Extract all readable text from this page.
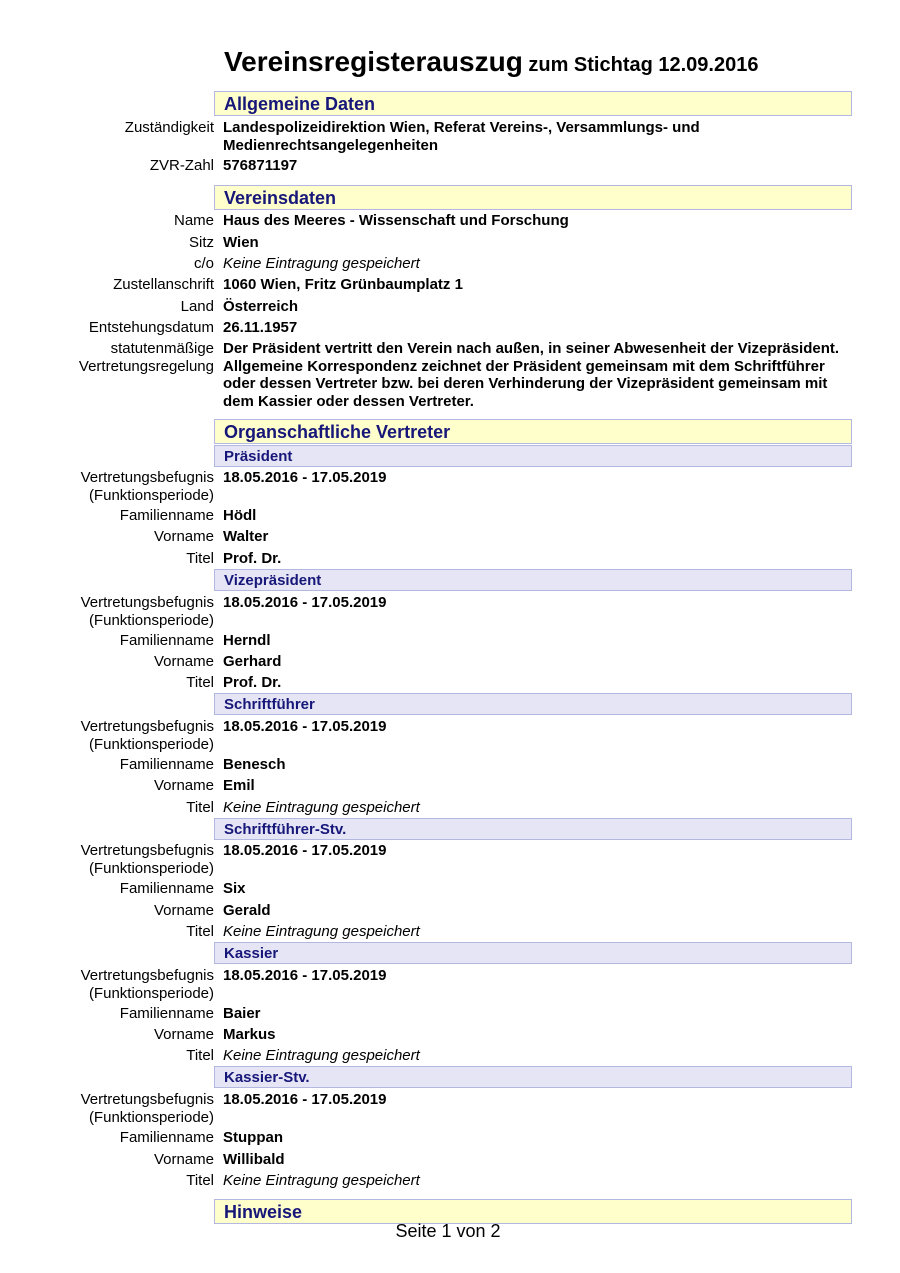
Vereinsregisterauszug zum Stichtag 12.09.2016
Allgemeine Daten
Zuständigkeit Landespolizeidirektion Wien, Referat Vereins-, Versammlungs- und Medienrechtsangelegenheiten
ZVR-Zahl 576871197
Vereinsdaten
Name Haus des Meeres - Wissenschaft und Forschung
Sitz Wien
c/o Keine Eintragung gespeichert
Zustellanschrift 1060 Wien, Fritz Grünbaumplatz 1
Land Österreich
Entstehungsdatum 26.11.1957
statutenmäßige
Vertretungsregelung
Der Präsident vertritt den Verein nach außen, in seiner Abwesenheit der Vizepräsident. Allgemeine Korrespondenz zeichnet der Präsident gemeinsam mit dem Schriftführer oder dessen Vertreter bzw. bei deren Verhinderung der Vizepräsident gemeinsam mit dem Kassier oder dessen Vertreter.
Organschaftliche Vertreter
Präsident
Vertretungsbefugnis
(Funktionsperiode)
18.05.2016 - 17.05.2019
Familienname Hödl
Vorname Walter
Titel Prof. Dr.
Vizepräsident
Vertretungsbefugnis
(Funktionsperiode)
18.05.2016 - 17.05.2019
Familienname Herndl
Vorname Gerhard
Titel Prof. Dr.
Schriftführer
Vertretungsbefugnis
(Funktionsperiode)
18.05.2016 - 17.05.2019
Familienname Benesch
Vorname Emil
Titel Keine Eintragung gespeichert
Schriftführer-Stv.
Vertretungsbefugnis
(Funktionsperiode)
18.05.2016 - 17.05.2019
Familienname Six
Vorname Gerald
Titel Keine Eintragung gespeichert
Kassier
Vertretungsbefugnis
(Funktionsperiode)
18.05.2016 - 17.05.2019
Familienname Baier
Vorname Markus
Titel Keine Eintragung gespeichert
Kassier-Stv.
Vertretungsbefugnis
(Funktionsperiode)
18.05.2016 - 17.05.2019
Familienname Stuppan
Vorname Willibald
Titel Keine Eintragung gespeichert
Hinweise
Seite 1 von 2
